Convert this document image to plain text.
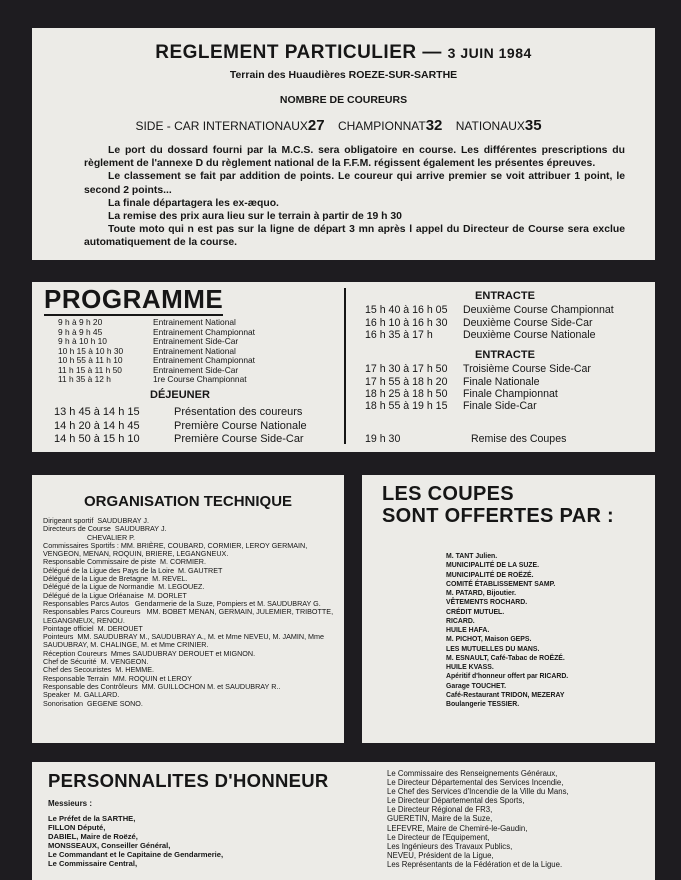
REGLEMENT PARTICULIER — 3 JUIN 1984
Terrain des Huaudières ROEZE-SUR-SARTHE
NOMBRE DE COUREURS
SIDE - CAR INTERNATIONAUX27 CHAMPIONNAT32 NATIONAUX35

Le port du dossard fourni par la M.C.S. sera obligatoire en course. Les différentes prescriptions du règlement de l'annexe D du règlement national de la F.F.M. régissent également les présentes épreuves.

Le classement se fait par addition de points. Le coureur qui arrive premier se voit attribuer 1 point, le second 2 points...

La finale départagera les ex-æquo.

La remise des prix aura lieu sur le terrain à partir de 19 h 30

Toute moto qui n est pas sur la ligne de départ 3 mn après l appel du Directeur de Course sera exclue automatiquement de la course.

PROGRAMME
9 h à 9 h 20	Entrainement National
9 h à 9 h 45	Entrainement Championnat
9 h à 10 h 10	Entrainement Side-Car
10 h 15 à 10 h 30	Entrainement National
10 h 55 à 11 h 10	Entrainement Championnat
11 h 15 à 11 h 50	Entrainement Side-Car
11 h 35 à 12 h	1re Course Championnat
DÉJEUNER
13 h 45 à 14 h 15	Présentation des coureurs
14 h 20 à 14 h 45	Première Course Nationale
14 h 50 à 15 h 10	Première Course Side-Car
ENTRACTE
15 h 40 à 16 h 05	Deuxième Course Championnat
16 h 10 à 16 h 30	Deuxième Course Side-Car
16 h 35 à 17 h	Deuxième Course Nationale
ENTRACTE
17 h 30 à 17 h 50	Troisième Course Side-Car
17 h 55 à 18 h 20	Finale Nationale
18 h 25 à 18 h 50	Finale Championnat
18 h 55 à 19 h 15	Finale Side-Car
19 h 30	Remise des Coupes
ORGANISATION TECHNIQUE
Dirigeant sportif  SAUDUBRAY J.
Directeurs de Course  SAUDUBRAY J.
CHEVALIER P.
Commissaires Sportifs : MM. BRIÈRE, COUBARD, CORMIER, LEROY GERMAIN, VENGEON, MENAN, ROQUIN, BRIERE, LEGANGNEUX.
Responsable Commissaire de piste  M. CORMIER.
Délégué de la Ligue des Pays de la Loire  M. GAUTRET
Délégué de la Ligue de Bretagne  M. REVEL.
Délégué de la Ligue de Normandie  M. LEGOUEZ.
Délégué de la Ligue Orléanaise  M. DORLET
Responsables Parcs Autos   Gendarmerie de la Suze, Pompiers et M. SAUDUBRAY G.
Responsables Parcs Coureurs   MM. BOBET MENAN, GERMAIN, JULEMIER, TRIBOTTE, LEGANGNEUX, RENOU.
Pointage officiel  M. DEROUET
Pointeurs  MM. SAUDUBRAY M., SAUDUBRAY A., M. et Mme NEVEU, M. JAMIN, Mme SAUDUBRAY, M. CHALINGE, M. et Mme CRINIER.
Réception Coureurs  Mmes SAUDUBRAY DEROUET et MIGNON.
Chef de Sécurité  M. VENGEON.
Chef des Secouristes  M. HEMME.
Responsable Terrain  MM. ROQUIN et LEROY
Responsable des Contrôleurs  MM. GUILLOCHON M. et SAUDUBRAY R..
Speaker  M. GALLARD.
Sonorisation  GEGENE SONO.
LES COUPES
SONT OFFERTES PAR :
M. TANT Julien.
MUNICIPALITÉ DE LA SUZE.
MUNICIPALITÉ DE ROËZÉ.
COMITÉ ÉTABLISSEMENT SAMP.
M. PATARD, Bijoutier.
VÊTEMENTS ROCHARD.
CRÉDIT MUTUEL.
RICARD.
HUILE HAFA.
M. PICHOT, Maison GEPS.
LES MUTUELLES DU MANS.
M. ESNAULT, Café-Tabac de ROËZÉ.
HUILE KVASS.
Apéritif d'honneur offert par RICARD.
Garage TOUCHET.
Café-Restaurant TRIDON, MEZERAY
Boulangerie TESSIER.
PERSONNALITES D'HONNEUR
Messieurs :
Le Préfet de la SARTHE,
FILLON Député,
DABIEL, Maire de Roëzé,
MONSSEAUX, Conseiller Général,
Le Commandant et le Capitaine de Gendarmerie,
Le Commissaire Central,
Le Commissaire des Renseignements Généraux,
Le Directeur Départemental des Services Incendie,
Le Chef des Services d'Incendie de la Ville du Mans,
Le Directeur Départemental des Sports,
Le Directeur Régional de FR3,
GUERETIN, Maire de la Suze,
LEFEVRE, Maire de Chemiré-le-Gaudin,
Le Directeur de l'Equipement,
Les Ingénieurs des Travaux Publics,
NEVEU, Président de la Ligue,
Les Représentants de la Fédération et de la Ligue.
